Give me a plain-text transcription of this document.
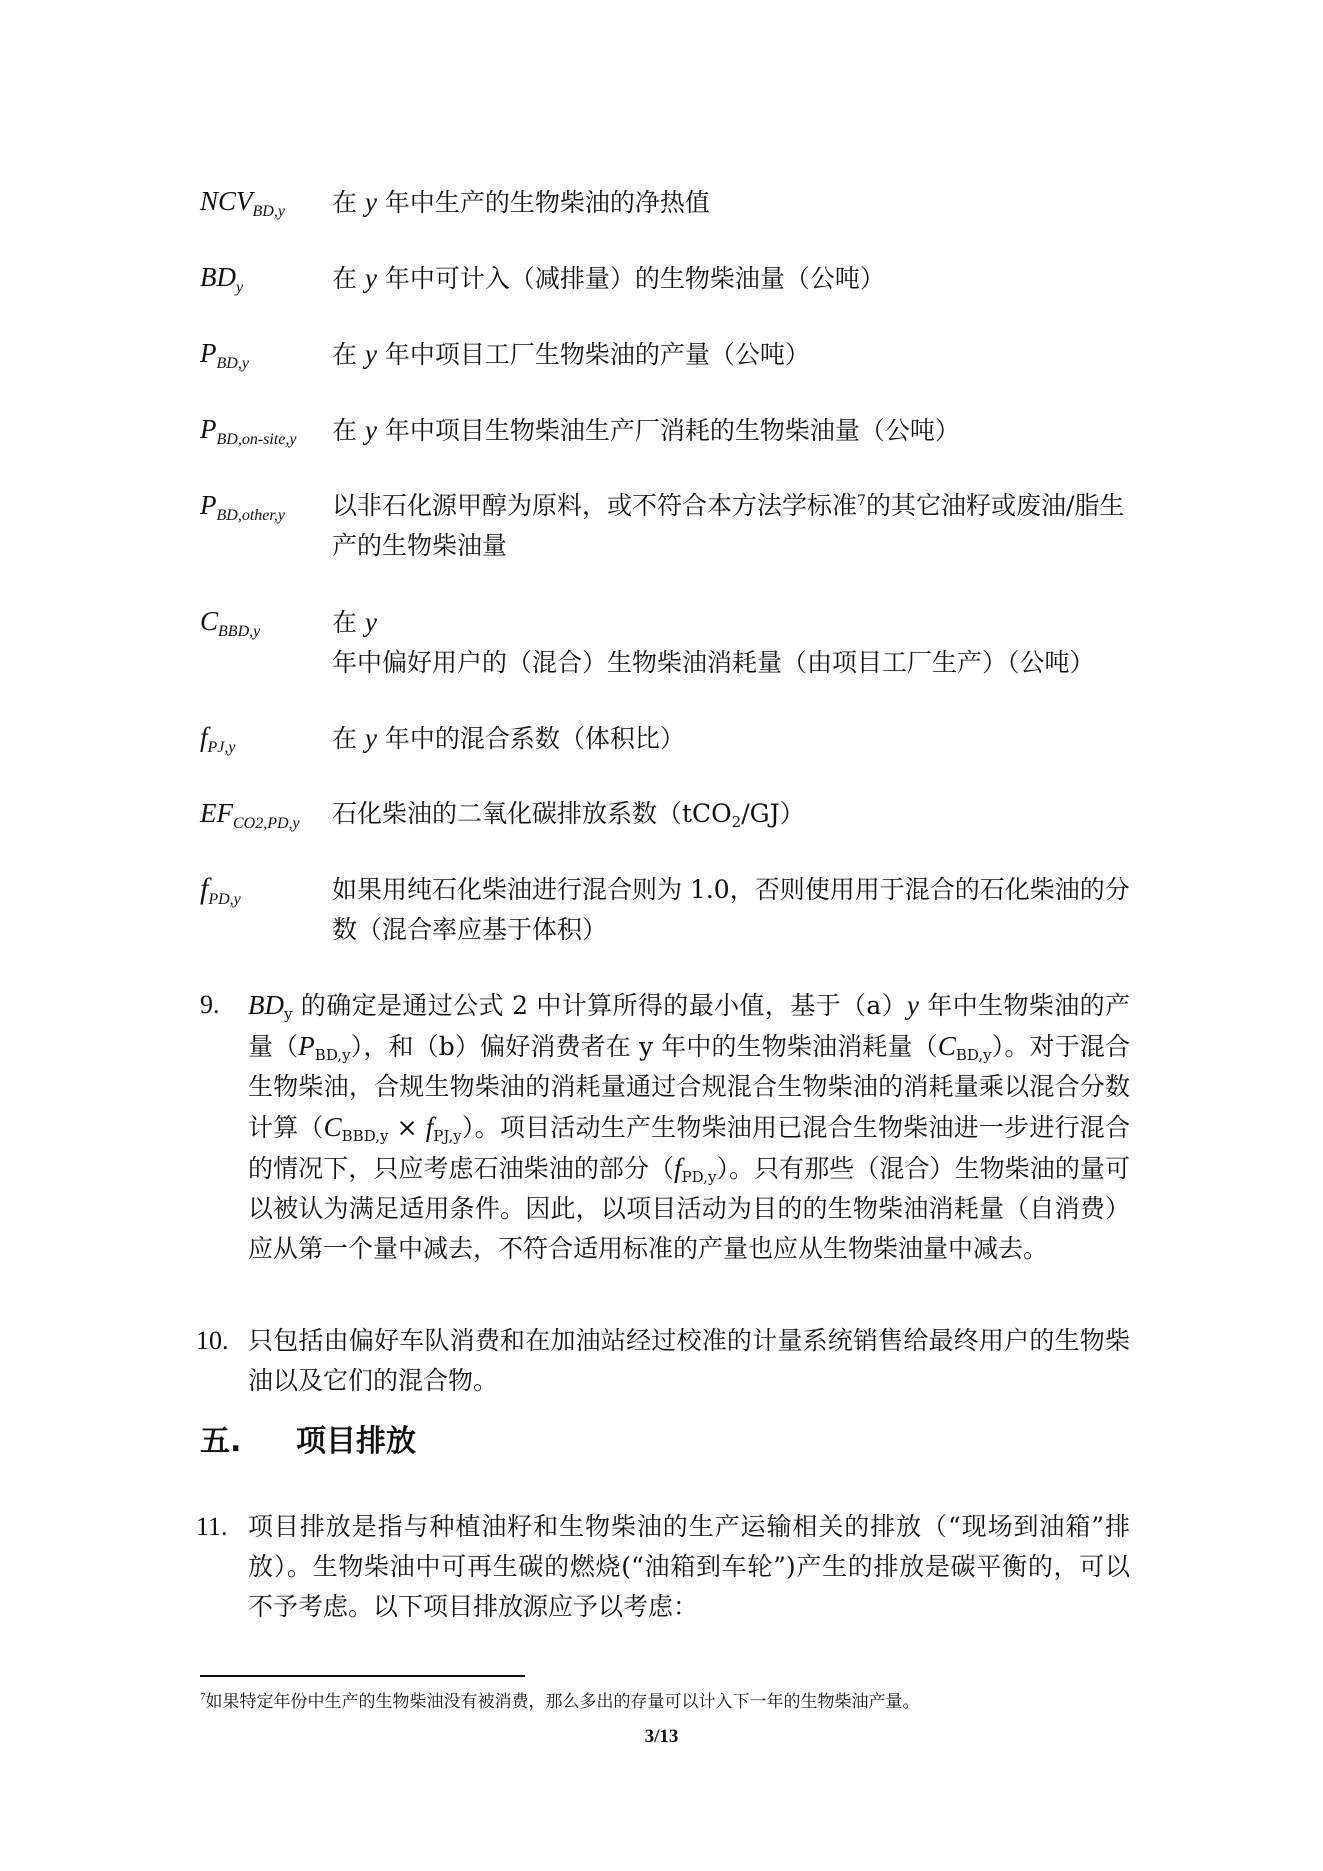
$NCV_{BD,y}$ 在 y 年中生产的生物柴油的净热值
$BD_y$	在 y 年中可计入（减排量）的生物柴油量（公吨）
$P_{BD,y}$	在 y 年中项目工厂生物柴油的产量（公吨）
$P_{BD,on-site,y}$ 在 y 年中项目生物柴油生产厂消耗的生物柴油量（公吨）
$P_{BD,other,y}$ 以非石化源甲醇为原料，或不符合本方法学标准$^7$的其它油籽或废油/脂生产的生物柴油量
$C_{BBD,y}$	在 y 年中偏好用户的（混合）生物柴油消耗量（由项目工厂生产）（公吨）
$f_{PJ,y}$	在 y 年中的混合系数（体积比）
$EF_{CO2,PD,y}$ 石化柴油的二氧化碳排放系数（tCO$_2$/GJ）
$f_{PD,y}$	如果用纯石化柴油进行混合则为 1.0，否则使用用于混合的石化柴油的分数（混合率应基于体积）
9. $BD_y$ 的确定是通过公式 2 中计算所得的最小值，基于（a）y 年中生物柴油的产量$(P_{BD,y})$，和（b）偏好消费者在 y 年中的生物柴油消耗量$(C_{BD,y})$。对于混合生物柴油，合规生物柴油的消耗量通过合规混合生物柴油的消耗量乘以混合分数计算$(C_{BBD,y} \times f_{PJ,y})$。项目活动生产生物柴油用已混合生物柴油进一步进行混合的情况下，只应考虑石油柴油的部分$(f_{PD,y})$。只有那些（混合）生物柴油的量可以被认为满足适用条件。因此，以项目活动为目的的生物柴油消耗量（自消费）应从第一个量中减去，不符合适用标准的产量也应从生物柴油量中减去。
10. 只包括由偏好车队消费和在加油站经过校准的计量系统销售给最终用户的生物柴油以及它们的混合物。
五. 项目排放
11. 项目排放是指与种植油籽和生物柴油的生产运输相关的排放（“现场到油箱”排放）。生物柴油中可再生碳的燃烧(“油箱到车轮”)产生的排放是碳平衡的，可以不予考虑。以下项目排放源应予以考虑：
$^7$如果特定年份中生产的生物柴油没有被消费，那么多出的存量可以计入下一年的生物柴油产量。
3/13
